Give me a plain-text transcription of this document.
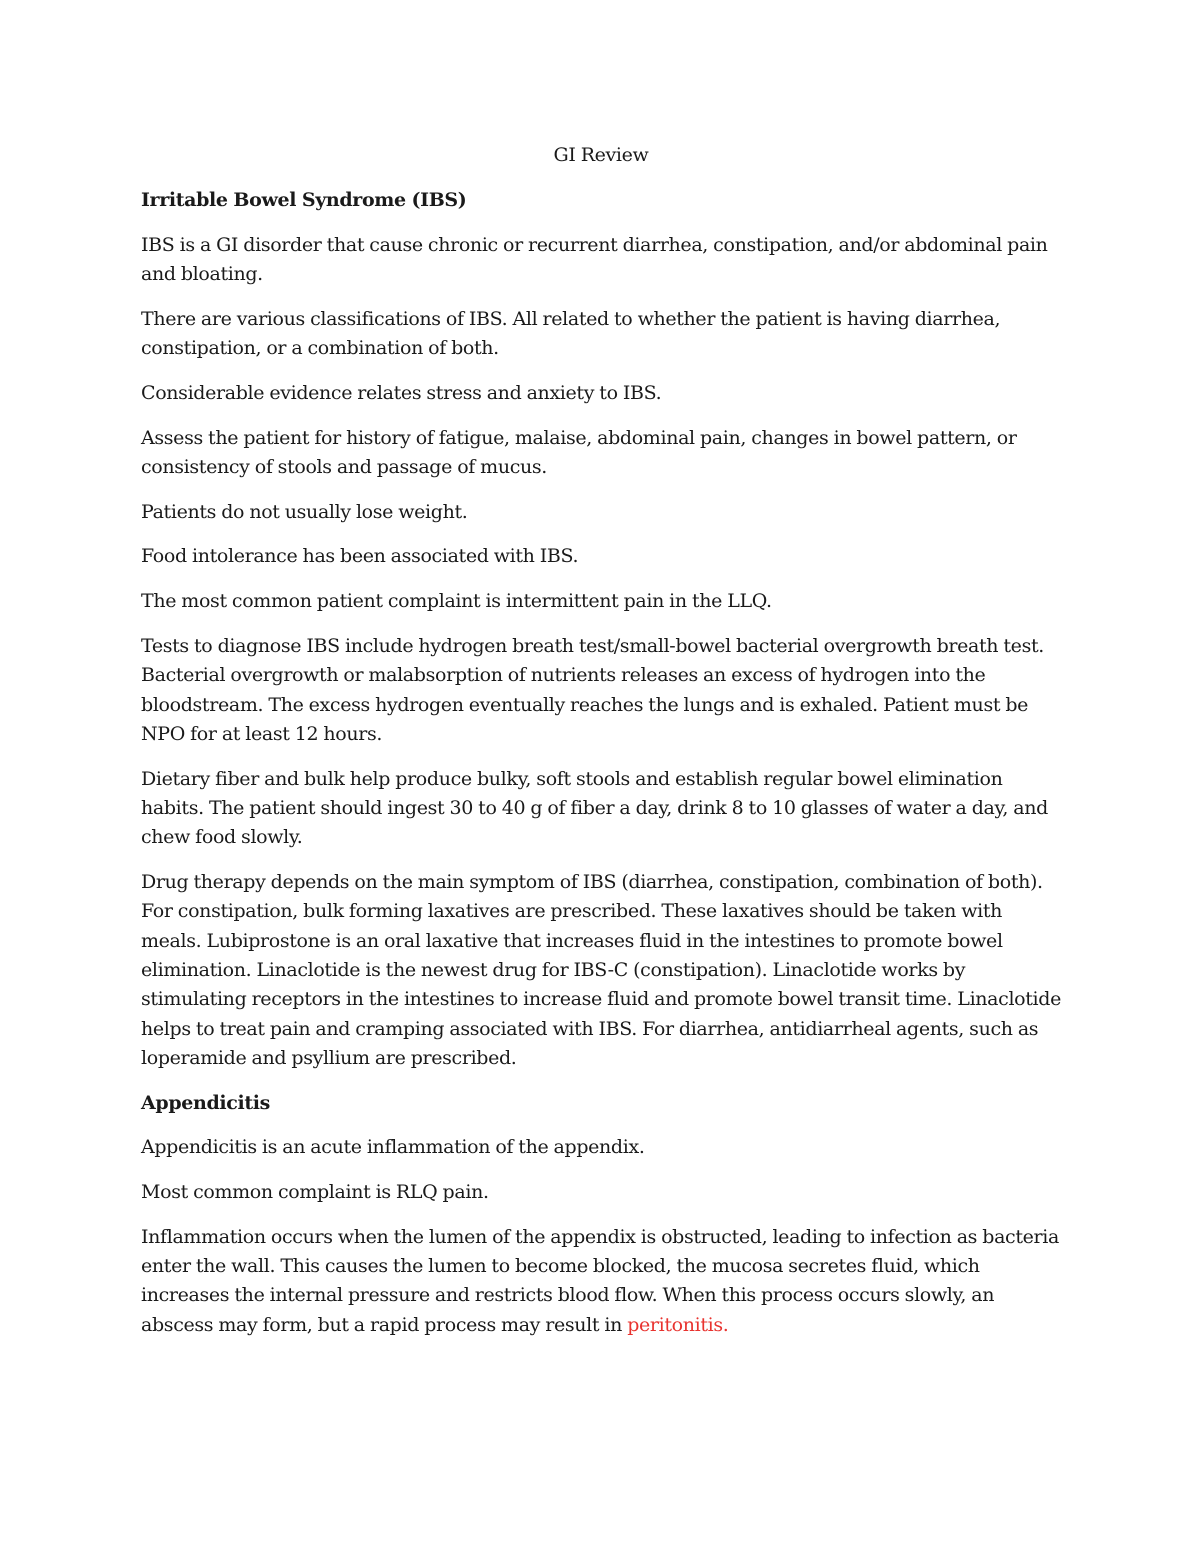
GI Review
Irritable Bowel Syndrome (IBS)

IBS is a GI disorder that cause chronic or recurrent diarrhea, constipation, and/or abdominal pain and bloating.

There are various classifications of IBS. All related to whether the patient is having diarrhea, constipation, or a combination of both.

Considerable evidence relates stress and anxiety to IBS.

Assess the patient for history of fatigue, malaise, abdominal pain, changes in bowel pattern, or consistency of stools and passage of mucus.

Patients do not usually lose weight.

Food intolerance has been associated with IBS.

The most common patient complaint is intermittent pain in the LLQ.

Tests to diagnose IBS include hydrogen breath test/small-bowel bacterial overgrowth breath test. Bacterial overgrowth or malabsorption of nutrients releases an excess of hydrogen into the bloodstream. The excess hydrogen eventually reaches the lungs and is exhaled. Patient must be NPO for at least 12 hours.

Dietary fiber and bulk help produce bulky, soft stools and establish regular bowel elimination habits. The patient should ingest 30 to 40 g of fiber a day, drink 8 to 10 glasses of water a day, and chew food slowly.

Drug therapy depends on the main symptom of IBS (diarrhea, constipation, combination of both). For constipation, bulk forming laxatives are prescribed. These laxatives should be taken with meals. Lubiprostone is an oral laxative that increases fluid in the intestines to promote bowel elimination. Linaclotide is the newest drug for IBS-C (constipation). Linaclotide works by stimulating receptors in the intestines to increase fluid and promote bowel transit time. Linaclotide helps to treat pain and cramping associated with IBS. For diarrhea, antidiarrheal agents, such as loperamide and psyllium are prescribed.

Appendicitis

Appendicitis is an acute inflammation of the appendix.

Most common complaint is RLQ pain.

Inflammation occurs when the lumen of the appendix is obstructed, leading to infection as bacteria enter the wall. This causes the lumen to become blocked, the mucosa secretes fluid, which increases the internal pressure and restricts blood flow. When this process occurs slowly, an abscess may form, but a rapid process may result in peritonitis.
